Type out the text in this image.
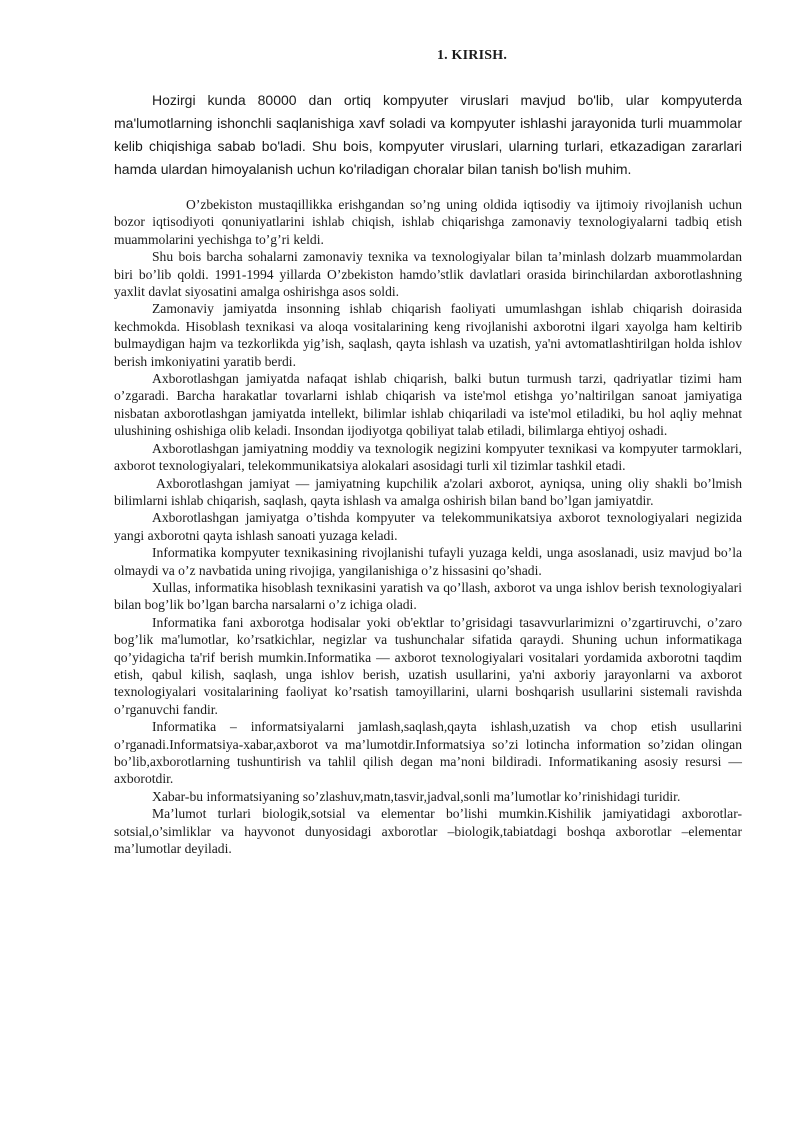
1. KIRISH.

Hozirgi kunda 80000 dan ortiq kompyuter viruslari mavjud bo'lib, ular kompyuterda ma'lumotlarning ishonchli saqlanishiga xavf soladi va kompyuter ishlashi jarayonida turli muammolar kelib chiqishiga sabab bo'ladi. Shu bois, kompyuter viruslari, ularning turlari, etkazadigan zararlari hamda ulardan himoyalanish uchun ko'riladigan choralar bilan tanish bo'lish muhim.

O’zbekiston mustaqillikka erishgandan so’ng uning oldida iqtisodiy va ijtimoiy rivojlanish uchun bozor iqtisodiyoti qonuniyatlarini ishlab chiqish, ishlab chiqarishga zamonaviy texnologiyalarni tadbiq etish muammolarini yechishga to’g’ri keldi.

Shu bois barcha sohalarni zamonaviy texnika va texnologiyalar bilan ta’minlash dolzarb muammolardan biri bo’lib qoldi. 1991-1994 yillarda O’zbekiston hamdo’stlik davlatlari orasida birinchilardan axborotlashning yaxlit davlat siyosatini amalga oshirishga asos soldi.

Zamonaviy jamiyatda insonning ishlab chiqarish faoliyati umumlashgan ishlab chiqarish doirasida kechmokda. Hisoblash texnikasi va aloqa vositalarining keng rivojlanishi axborotni ilgari xayolga ham keltirib bulmaydigan hajm va tezkorlikda yig’ish, saqlash, qayta ishlash va uzatish, ya'ni avtomatlashtirilgan holda ishlov berish imkoniyatini yaratib berdi.

Axborotlashgan jamiyatda nafaqat ishlab chiqarish, balki butun turmush tarzi, qadriyatlar tizimi ham o’zgaradi. Barcha harakatlar tovarlarni ishlab chiqarish va iste'mol etishga yo’naltirilgan sanoat jamiyatiga nisbatan axborotlashgan jamiyatda intellekt, bilimlar ishlab chiqariladi va iste'mol etiladiki, bu hol aqliy mehnat ulushining oshishiga olib keladi. Insondan ijodiyotga qobiliyat talab etiladi, bilimlarga ehtiyoj oshadi.

Axborotlashgan jamiyatning moddiy va texnologik negizini kompyuter texnikasi va kompyuter tarmoklari, axborot texnologiyalari, telekommunikatsiya alokalari asosidagi turli xil tizimlar tashkil etadi.

Axborotlashgan jamiyat — jamiyatning kupchilik a'zolari axborot, ayniqsa, uning oliy shakli bo’lmish bilimlarni ishlab chiqarish, saqlash, qayta ishlash va amalga oshirish bilan band bo’lgan jamiyatdir.

Axborotlashgan jamiyatga o’tishda kompyuter va telekommunikatsiya axborot texnologiyalari negizida yangi axborotni qayta ishlash sanoati yuzaga keladi.

Informatika kompyuter texnikasining rivojlanishi tufayli yuzaga keldi, unga asoslanadi, usiz mavjud bo’la olmaydi va o’z navbatida uning rivojiga, yangilanishiga o’z hissasini qo’shadi.

Xullas, informatika hisoblash texnikasini yaratish va qo’llash, axborot va unga ishlov berish texnologiyalari bilan bog’lik bo’lgan barcha narsalarni o’z ichiga oladi.

Informatika fani axborotga hodisalar yoki ob'ektlar to’grisidagi tasavvurlarimizni o’zgartiruvchi, o’zaro bog’lik ma'lumotlar, ko’rsatkichlar, negizlar va tushunchalar sifatida qaraydi. Shuning uchun informatikaga qo’yidagicha ta'rif berish mumkin.Informatika — axborot texnologiyalari vositalari yordamida axborotni taqdim etish, qabul kilish, saqlash, unga ishlov berish, uzatish usullarini, ya'ni axboriy jarayonlarni va axborot texnologiyalari vositalarining faoliyat ko’rsatish tamoyillarini, ularni boshqarish usullarini sistemali ravishda o’rganuvchi fandir.

Informatika – informatsiyalarni jamlash,saqlash,qayta ishlash,uzatish va chop etish usullarini o’rganadi.Informatsiya-xabar,axborot va ma’lumotdir.Informatsiya so’zi lotincha information so’zidan olingan bo’lib,axborotlarning tushuntirish va tahlil qilish degan ma’noni bildiradi. Informatikaning asosiy resursi — axborotdir.

Xabar-bu informatsiyaning so’zlashuv,matn,tasvir,jadval,sonli ma’lumotlar ko’rinishidagi turidir.

Ma’lumot turlari biologik,sotsial va elementar bo’lishi mumkin.Kishilik jamiyatidagi axborotlar-sotsial,o’simliklar va hayvonot dunyosidagi axborotlar –biologik,tabiatdagi boshqa axborotlar –elementar ma’lumotlar deyiladi.
